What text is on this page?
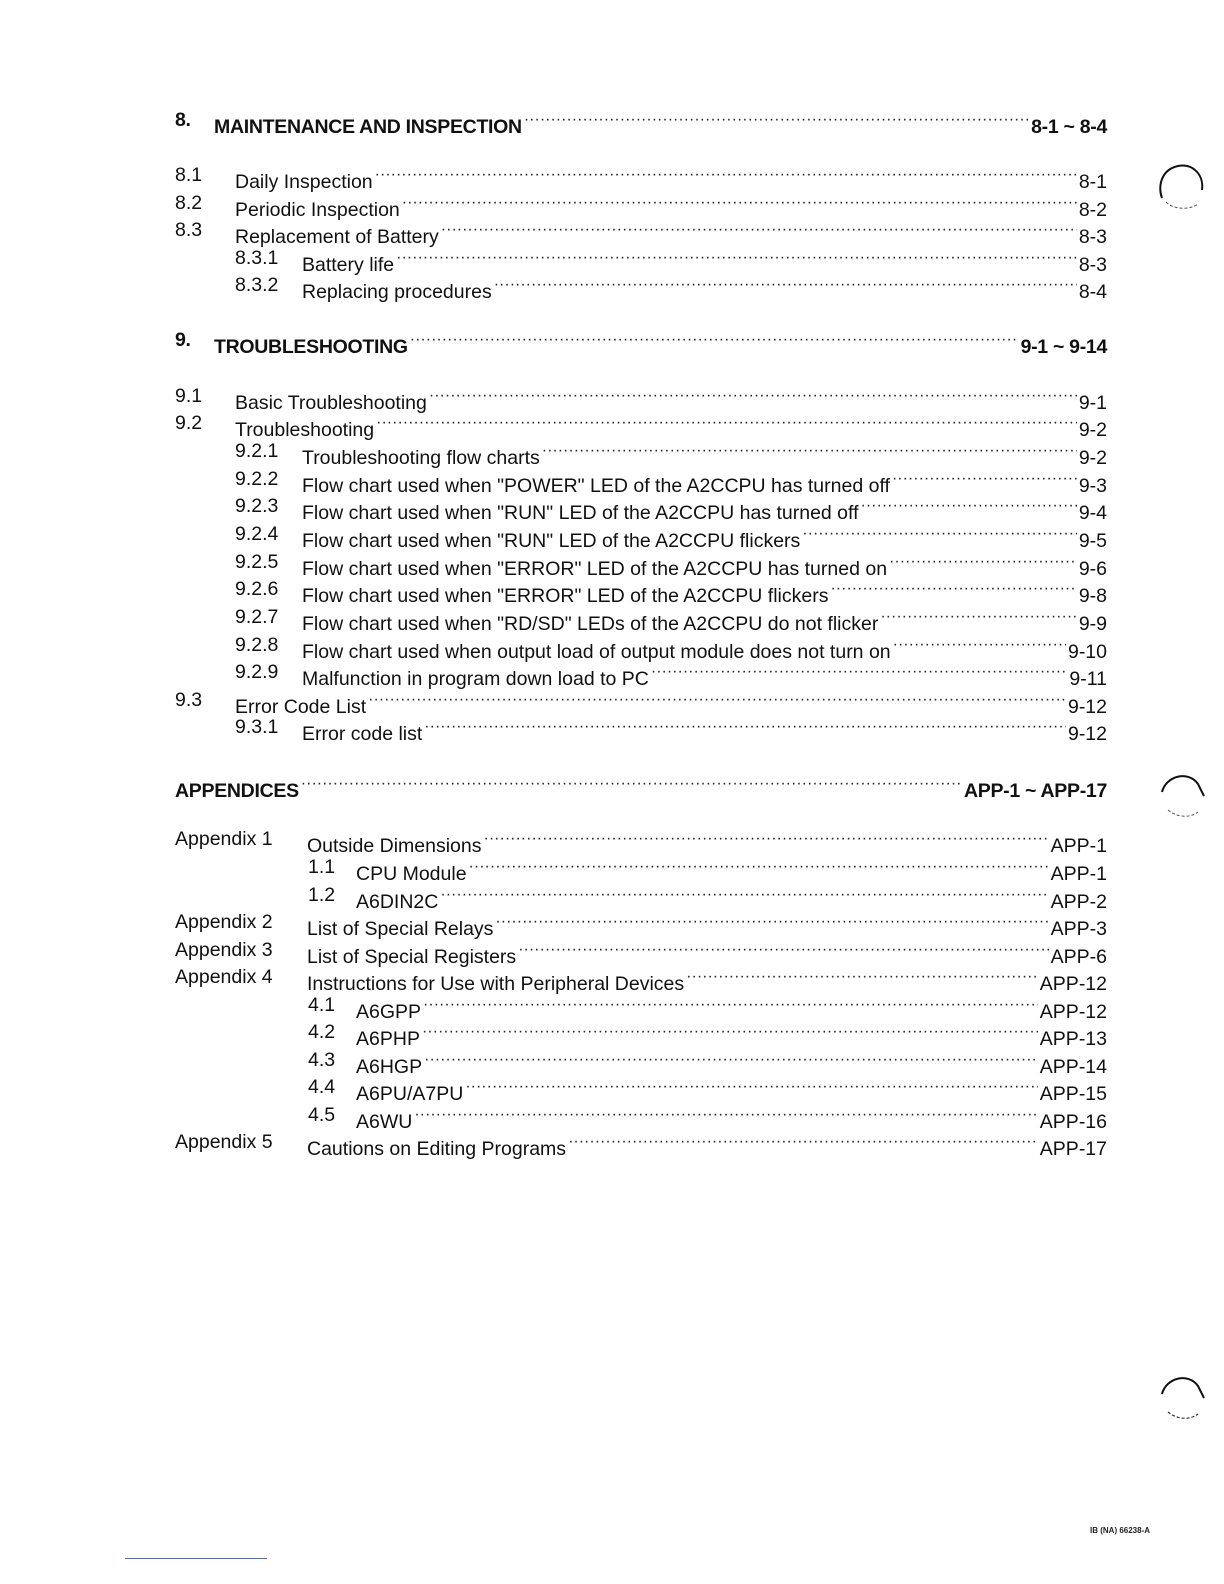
8. MAINTENANCE AND INSPECTION ·····	8-1 ~ 8-4
8.1 Daily Inspection ·····	8-1
8.2 Periodic Inspection ·····	8-2
8.3 Replacement of Battery ·····	8-3
8.3.1 Battery life ·····	8-3
8.3.2 Replacing procedures ·····	8-4
9. TROUBLESHOOTING ·····	9-1 ~ 9-14
9.1 Basic Troubleshooting ·····	9-1
9.2 Troubleshooting ·····	9-2
9.2.1 Troubleshooting flow charts ·····	9-2
9.2.2 Flow chart used when "POWER" LED of the A2CCPU has turned off ·····	9-3
9.2.3 Flow chart used when "RUN" LED of the A2CCPU has turned off ·····	9-4
9.2.4 Flow chart used when "RUN" LED of the A2CCPU flickers ·····	9-5
9.2.5 Flow chart used when "ERROR" LED of the A2CCPU has turned on ·····	9-6
9.2.6 Flow chart used when "ERROR" LED of the A2CCPU flickers ·····	9-8
9.2.7 Flow chart used when "RD/SD" LEDs of the A2CCPU do not flicker ·····	9-9
9.2.8 Flow chart used when output load of output module does not turn on ·····	9-10
9.2.9 Malfunction in program down load to PC ·····	9-11
9.3 Error Code List ·····	9-12
9.3.1 Error code list ·····	9-12
APPENDICES ·····	APP-1 ~ APP-17
Appendix 1 Outside Dimensions ·····	APP-1
1.1 CPU Module ·····	APP-1
1.2 A6DIN2C ·····	APP-2
Appendix 2 List of Special Relays ·····	APP-3
Appendix 3 List of Special Registers ·····	APP-6
Appendix 4 Instructions for Use with Peripheral Devices ·····	APP-12
4.1 A6GPP ·····	APP-12
4.2 A6PHP ·····	APP-13
4.3 A6HGP ·····	APP-14
4.4 A6PU/A7PU ·····	APP-15
4.5 A6WU ·····	APP-16
Appendix 5 Cautions on Editing Programs ·····	APP-17
IB (NA) 66238-A
